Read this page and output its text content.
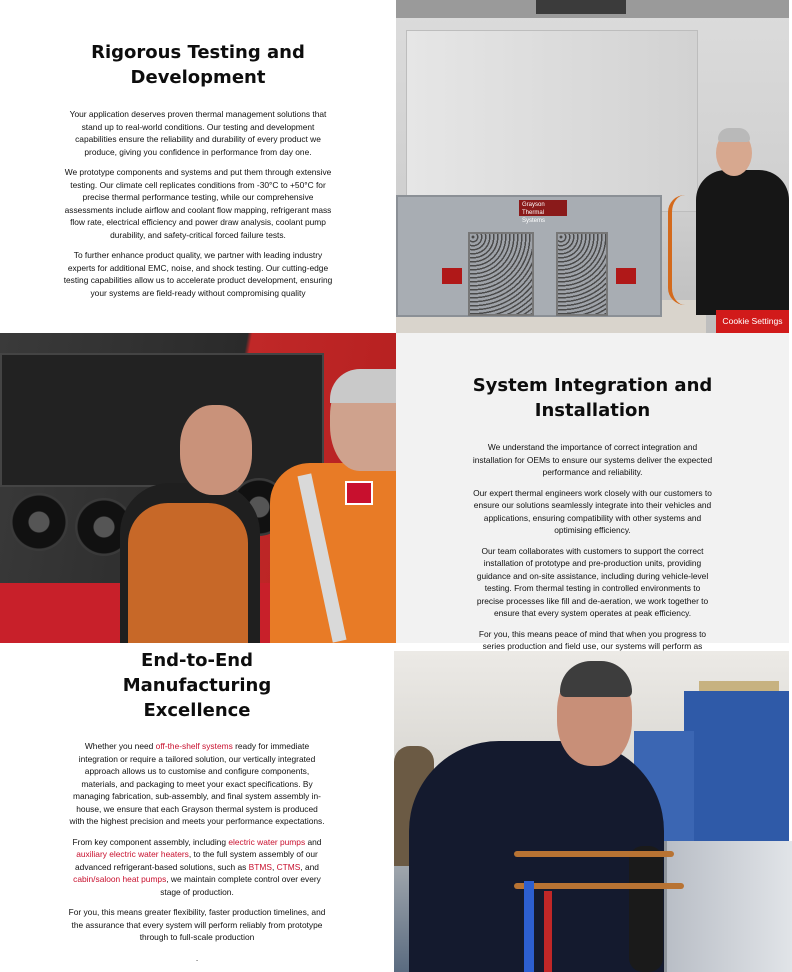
Rigorous Testing and Development

Your application deserves proven thermal management solutions that stand up to real-world conditions. Our testing and development capabilities ensure the reliability and durability of every product we produce, giving you confidence in performance from day one.

We prototype components and systems and put them through extensive testing. Our climate cell replicates conditions from -30°C to +50°C for precise thermal performance testing, while our comprehensive assessments include airflow and coolant flow mapping, refrigerant mass flow rate, electrical efficiency and power draw analysis, coolant pump durability, and safety-critical forced failure tests.

To further enhance product quality, we partner with leading industry experts for additional EMC, noise, and shock testing. Our cutting-edge testing capabilities allow us to accelerate product development, ensuring your systems are field-ready without compromising quality

Grayson Thermal Systems
Cookie Settings
System Integration and Installation

We understand the importance of correct integration and installation for OEMs to ensure our systems deliver the expected performance and reliability.

Our expert thermal engineers work closely with our customers to ensure our solutions seamlessly integrate into their vehicles and applications, ensuring compatibility with other systems and optimising efficiency.

Our team collaborates with customers to support the correct installation of prototype and pre-production units, providing guidance and on-site assistance, including during vehicle-level testing. From thermal testing in controlled environments to precise processes like fill and de-aeration, we work together to ensure that every system operates at peak efficiency.

For you, this means peace of mind that when you progress to series production and field use, our systems will perform as

End-to-End Manufacturing Excellence

Whether you need off-the-shelf systems ready for immediate integration or require a tailored solution, our vertically integrated approach allows us to customise and configure components, materials, and packaging to meet your exact specifications. By managing fabrication, sub-assembly, and final system assembly in-house, we ensure that each Grayson thermal system is produced with the highest precision and meets your performance expectations.

From key component assembly, including electric water pumps and auxiliary electric water heaters, to the full system assembly of our advanced refrigerant-based solutions, such as BTMS, CTMS, and cabin/saloon heat pumps, we maintain complete control over every stage of production.

For you, this means greater flexibility, faster production timelines, and the assurance that every system will perform reliably from prototype through to full-scale production

.
